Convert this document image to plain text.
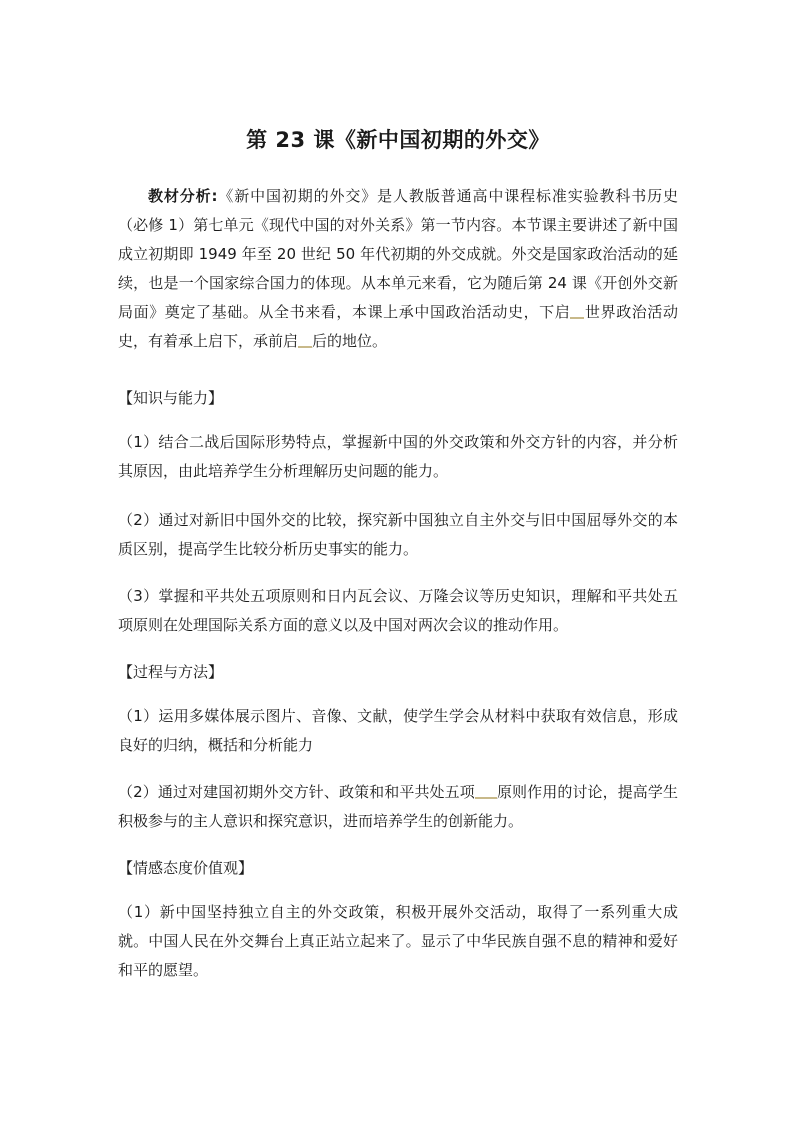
第 23 课《新中国初期的外交》

教材分析:《新中国初期的外交》是人教版普通高中课程标准实验教科书历史（必修 1）第七单元《现代中国的对外关系》第一节内容。本节课主要讲述了新中国成立初期即 1949 年至 20 世纪 50 年代初期的外交成就。外交是国家政治活动的延续，也是一个国家综合国力的体现。从本单元来看，它为随后第 24 课《开创外交新局面》奠定了基础。从全书来看，本课上承中国政治活动史，下启 世界政治活动史，有着承上启下，承前启 后的地位。

【知识与能力】

（1）结合二战后国际形势特点，掌握新中国的外交政策和外交方针的内容，并分析其原因，由此培养学生分析理解历史问题的能力。

（2）通过对新旧中国外交的比较，探究新中国独立自主外交与旧中国屈辱外交的本质区别，提高学生比较分析历史事实的能力。

（3）掌握和平共处五项原则和日内瓦会议、万隆会议等历史知识，理解和平共处五项原则在处理国际关系方面的意义以及中国对两次会议的推动作用。

【过程与方法】

（1）运用多媒体展示图片、音像、文献，使学生学会从材料中获取有效信息，形成良好的归纳，概括和分析能力

（2）通过对建国初期外交方针、政策和和平共处五项 原则作用的讨论，提高学生积极参与的主人意识和探究意识，进而培养学生的创新能力。

【情感态度价值观】

（1）新中国坚持独立自主的外交政策，积极开展外交活动，取得了一系列重大成就。中国人民在外交舞台上真正站立起来了。显示了中华民族自强不息的精神和爱好和平的愿望。
